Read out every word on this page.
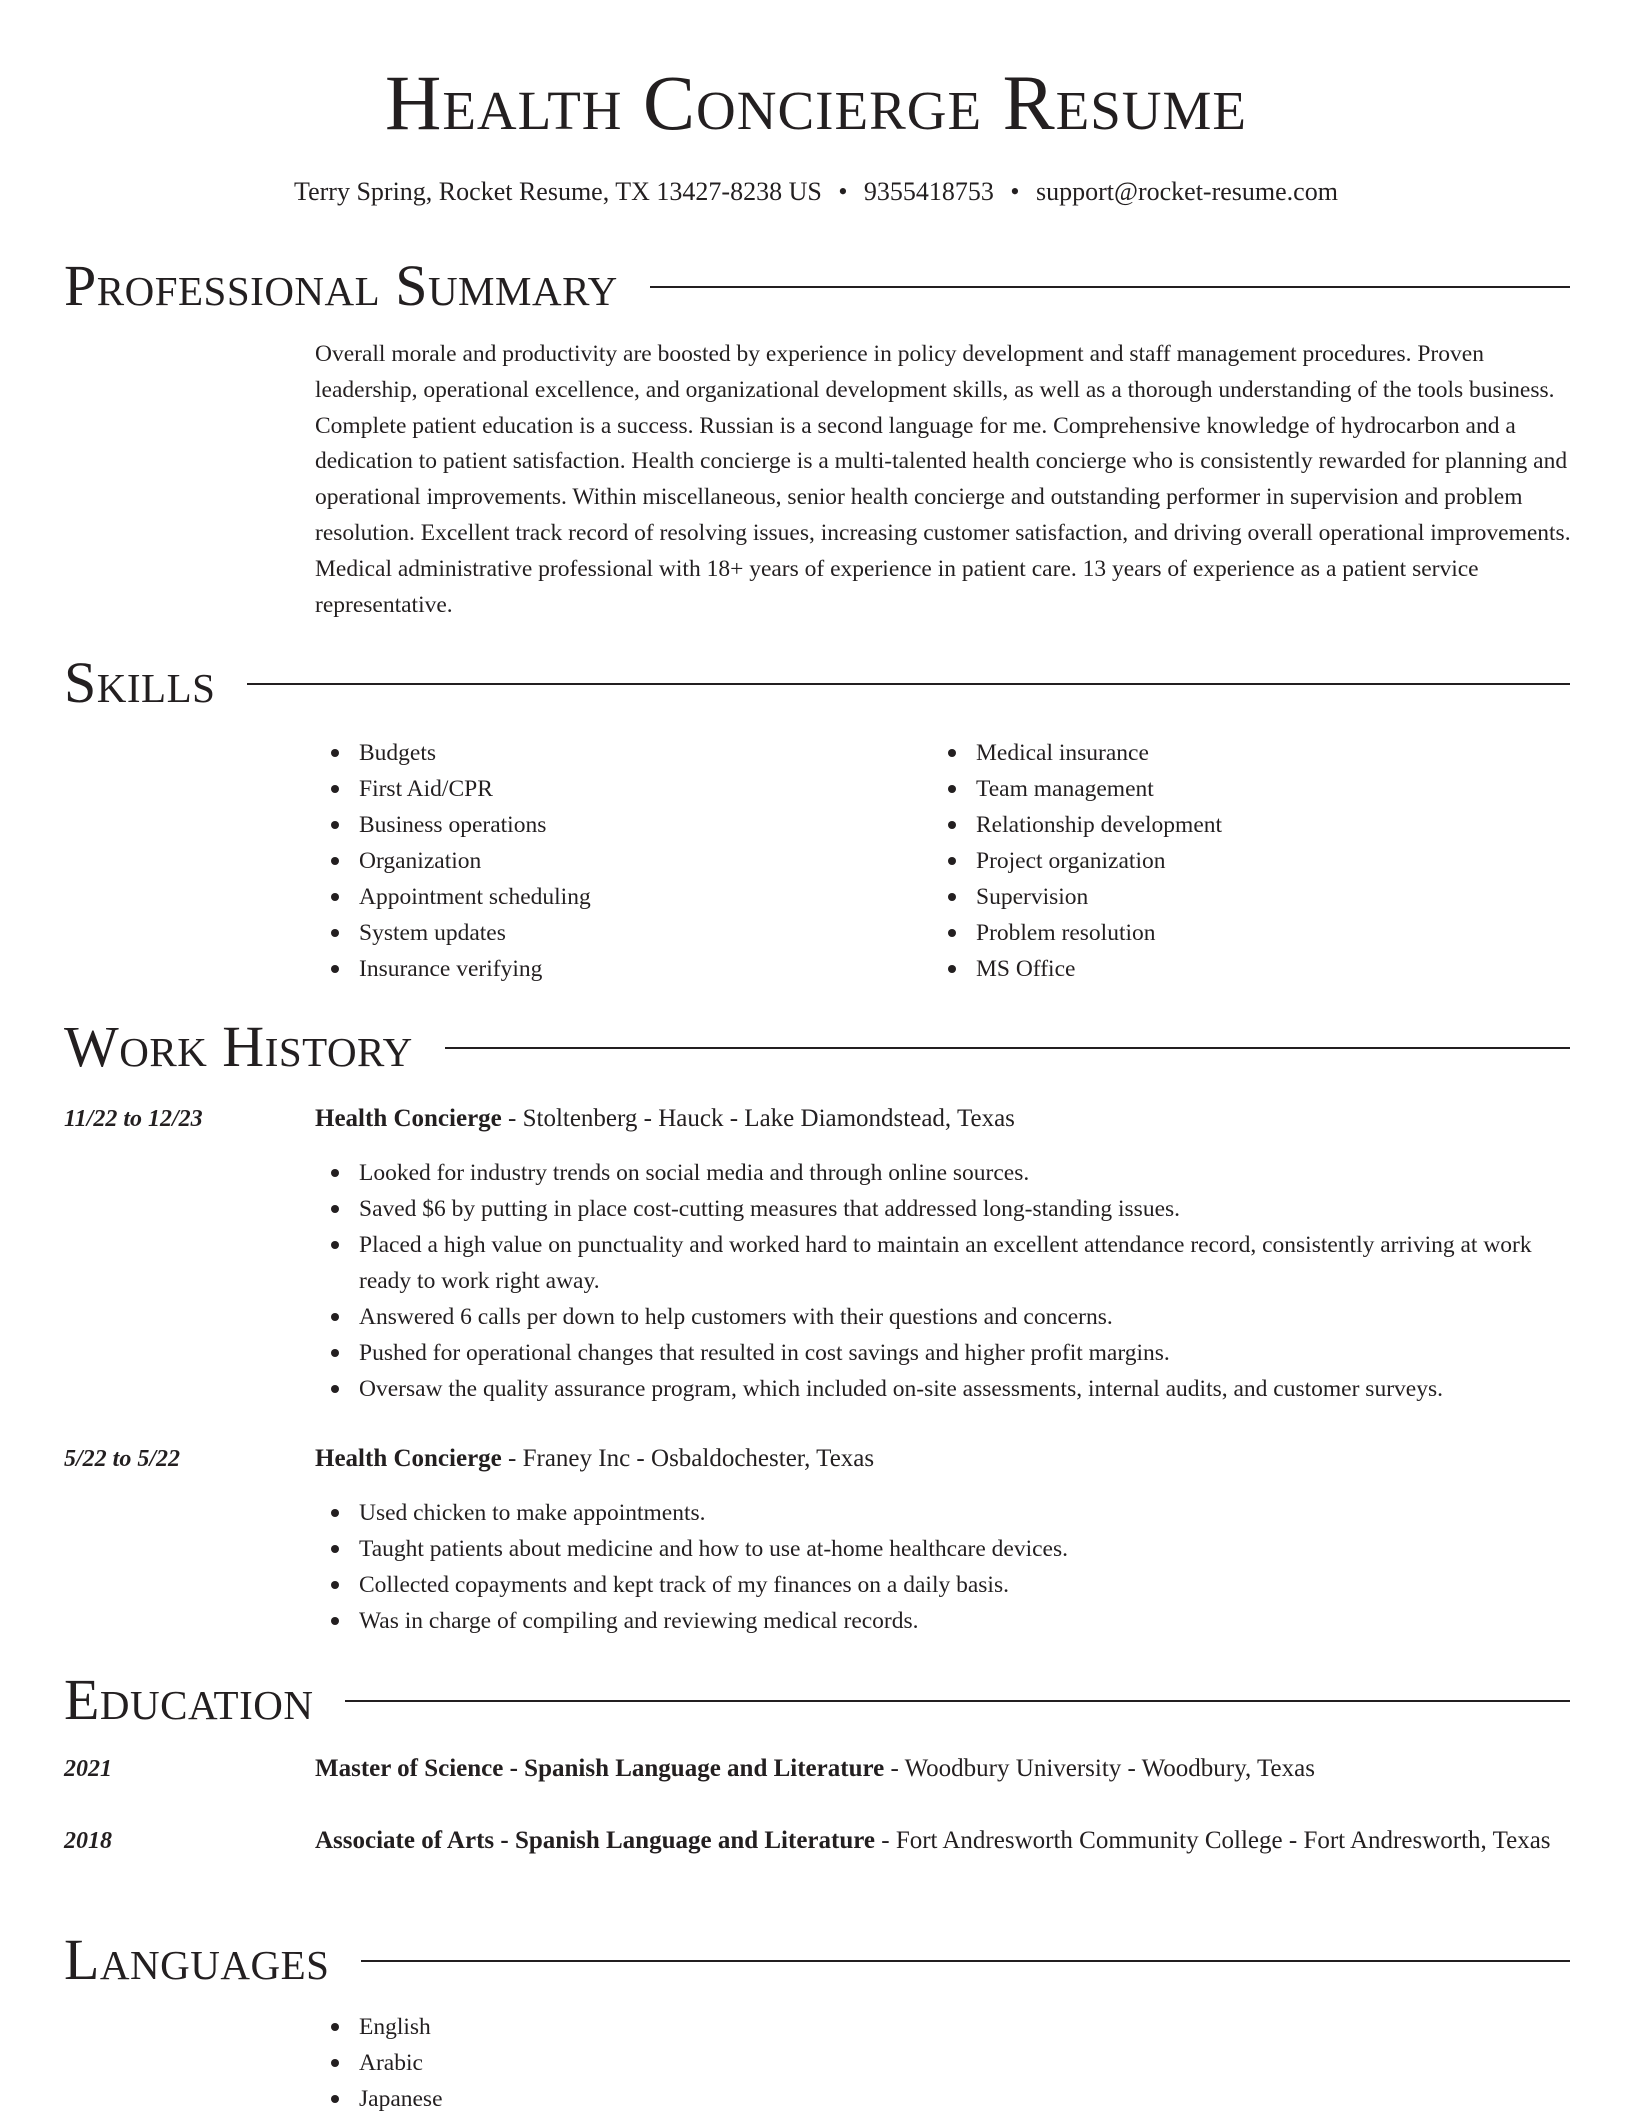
Health Concierge Resume
Terry Spring, Rocket Resume, TX 13427-8238 US • 9355418753 • support@rocket-resume.com
Professional Summary

Overall morale and productivity are boosted by experience in policy development and staff management procedures. Proven leadership, operational excellence, and organizational development skills, as well as a thorough understanding of the tools business. Complete patient education is a success. Russian is a second language for me. Comprehensive knowledge of hydrocarbon and a dedication to patient satisfaction. Health concierge is a multi-talented health concierge who is consistently rewarded for planning and operational improvements. Within miscellaneous, senior health concierge and outstanding performer in supervision and problem resolution. Excellent track record of resolving issues, increasing customer satisfaction, and driving overall operational improvements. Medical administrative professional with 18+ years of experience in patient care. 13 years of experience as a patient service representative.

Skills
Budgets
First Aid/CPR
Business operations
Organization
Appointment scheduling
System updates
Insurance verifying
Medical insurance
Team management
Relationship development
Project organization
Supervision
Problem resolution
MS Office
Work History
11/22 to 12/23	Health Concierge - Stoltenberg - Hauck - Lake Diamondstead, Texas
Looked for industry trends on social media and through online sources.
Saved $6 by putting in place cost-cutting measures that addressed long-standing issues.
Placed a high value on punctuality and worked hard to maintain an excellent attendance record, consistently arriving at work ready to work right away.
Answered 6 calls per down to help customers with their questions and concerns.
Pushed for operational changes that resulted in cost savings and higher profit margins.
Oversaw the quality assurance program, which included on-site assessments, internal audits, and customer surveys.
5/22 to 5/22	Health Concierge - Franey Inc - Osbaldochester, Texas
Used chicken to make appointments.
Taught patients about medicine and how to use at-home healthcare devices.
Collected copayments and kept track of my finances on a daily basis.
Was in charge of compiling and reviewing medical records.
Education
2021	Master of Science - Spanish Language and Literature - Woodbury University - Woodbury, Texas
2018	Associate of Arts - Spanish Language and Literature - Fort Andresworth Community College - Fort Andresworth, Texas
Languages
English
Arabic
Japanese
